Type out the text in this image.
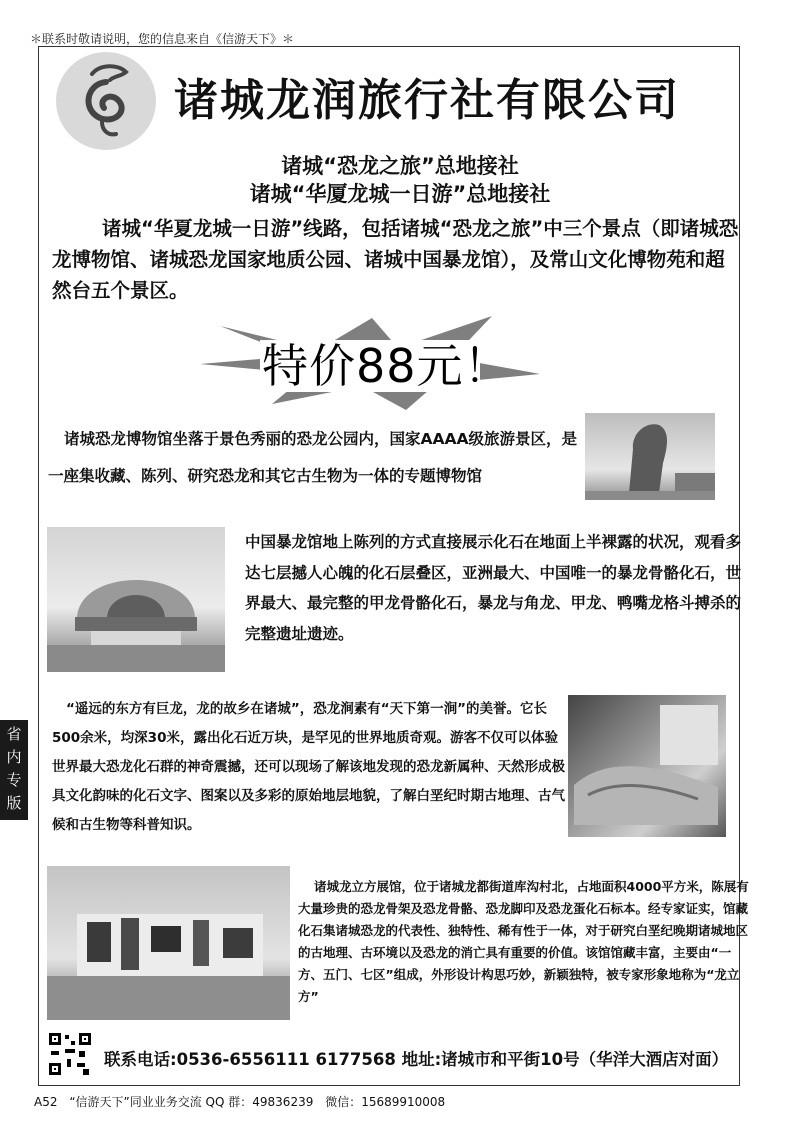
＊联系时敬请说明，您的信息来自《信游天下》＊
诸城龙润旅行社有限公司
诸城“恐龙之旅”总地接社
诸城“华厦龙城一日游”总地接社
诸城“华夏龙城一日游”线路，包括诸城“恐龙之旅”中三个景点（即诸城恐龙博物馆、诸城恐龙国家地质公园、诸城中国暴龙馆），及常山文化博物苑和超然台五个景区。
特价88元！
诸城恐龙博物馆坐落于景色秀丽的恐龙公园内，国家AAAA级旅游景区，是一座集收藏、陈列、研究恐龙和其它古生物为一体的专题博物馆
中国暴龙馆地上陈列的方式直接展示化石在地面上半裸露的状况，观看多达七层撼人心魄的化石层叠区，亚洲最大、中国唯一的暴龙骨骼化石，世界最大、最完整的甲龙骨骼化石，暴龙与角龙、甲龙、鸭嘴龙格斗搏杀的完整遗址遗迹。
“遥远的东方有巨龙，龙的故乡在诸城”，恐龙涧素有“天下第一涧”的美誉。它长500余米，均深30米，露出化石近万块，是罕见的世界地质奇观。游客不仅可以体验世界最大恐龙化石群的神奇震撼，还可以现场了解该地发现的恐龙新属种、天然形成极具文化韵味的化石文字、图案以及多彩的原始地层地貌，了解白垩纪时期古地理、古气候和古生物等科普知识。
诸城龙立方展馆，位于诸城龙都街道库沟村北，占地面积4000平方米，陈展有大量珍贵的恐龙骨架及恐龙骨骼、恐龙脚印及恐龙蛋化石标本。经专家证实，馆藏化石集诸城恐龙的代表性、独特性、稀有性于一体，对于研究白垩纪晚期诸城地区的古地理、古环境以及恐龙的消亡具有重要的价值。该馆馆藏丰富，主要由“一方、五门、七区”组成，外形设计构思巧妙，新颖独特，被专家形象地称为“龙立方”
联系电话:0536-6556111 6177568 地址:诸城市和平街10号（华洋大酒店对面）
A52 “信游天下”同业业务交流 QQ 群：49836239 微信：15689910008
省内专版
